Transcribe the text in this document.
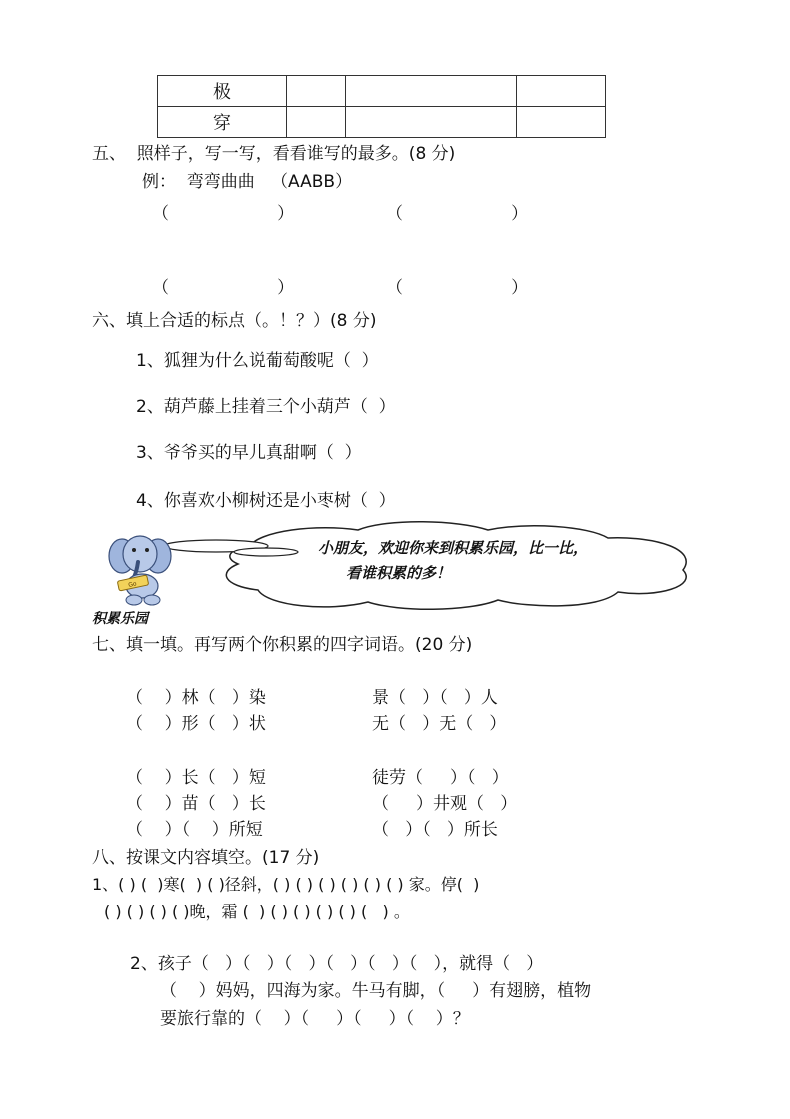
极			
穿			
五、  照样子，写一写，看看谁写的最多。(8 分)
例：  弯弯曲曲   （AABB）
（                    ）	（                    ）
（                    ）	（                    ）
六、填上合适的标点（。！？）(8 分)
1、狐狸为什么说葡萄酸呢（  ）
2、葫芦藤上挂着三个小葫芦（  ）
3、爷爷买的早儿真甜啊（  ）
4、你喜欢小柳树还是小枣树（  ）
Go
小朋友，欢迎你来到积累乐园，比一比，
看谁积累的多！
积累乐园
七、填一填。再写两个你积累的四字词语。(20 分)
（    ）林（   ）染
（    ）形（   ）状
（    ）长（   ）短
（    ）苗（   ）长
（    ）（    ）所短
景（   ）（   ）人
无（   ）无（   ）
徒劳（     ）（   ）
（     ）井观（   ）
（   ）（   ）所长
八、按课文内容填空。(17 分)
1、( ) (  )寒(  ) ( )径斜，( ) ( ) ( ) ( ) ( ) ( ) 家。停(  )
( ) ( ) ( ) ( )晚，霜 (  ) ( ) ( ) ( ) ( ) (   ) 。
2、孩子（   ）（   ）（   ）（   ）（   ）（   ），就得（   ）
（    ）妈妈，四海为家。牛马有脚，（     ）有翅膀，植物
要旅行靠的（    ）（     ）（     ）（    ）？
